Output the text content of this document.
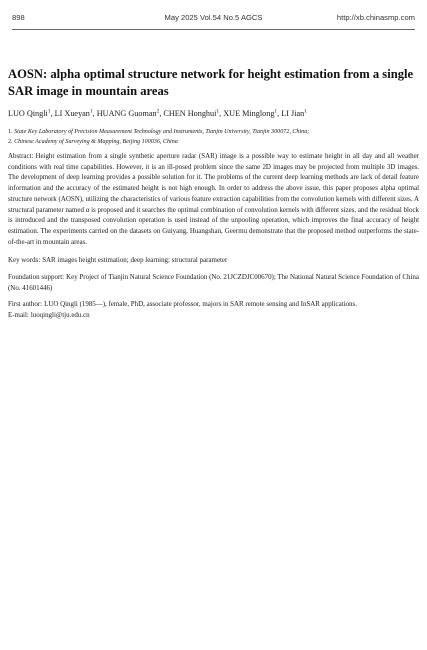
898	May 2025 Vol.54 No.5 AGCS	http://xb.chinasmp.com
AOSN: alpha optimal structure network for height estimation from a single SAR image in mountain areas

LUO Qingli$^1$, LI Xueyan$^1$, HUANG Guoman$^2$, CHEN Honghui$^1$, XUE Minglong$^1$, LI Jian$^1$

1. State Key Laboratory of Precision Measurement Technology and Instruments, Tianjin University, Tianjin 300072, China;

2. Chinese Academy of Surveying & Mapping, Beijing 100036, China

Abstract: Height estimation from a single synthetic aperture radar (SAR) image is a possible way to estimate height in all day and all weather conditions with real time capabilities. However, it is an ill-posed problem since the same 2D images may be projected from multiple 3D images. The development of deep learning provides a possible solution for it. The problems of the current deep learning methods are lack of detail feature information and the accuracy of the estimated height is not high enough. In order to address the above issue, this paper proposes alpha optimal structure network (AOSN), utilizing the characteristics of various feature extraction capabilities from the convolution kernels with different sizes. A structural parameter named α is proposed and it searches the optimal combination of convolution kernels with different sizes, and the residual block is introduced and the transposed convolution operation is used instead of the unpooling operation, which improves the final accuracy of height estimation. The experiments carried on the datasets on Guiyang, Huangshan, Geermu demonstrate that the proposed method outperforms the state-of-the-art in mountain areas.

Key words: SAR images height estimation; deep learning; structural parameter

Foundation support: Key Project of Tianjin Natural Science Foundation (No. 21JCZDJC00670); The National Natural Science Foundation of China (No. 41601446)

First author: LUO Qingli (1985—), female, PhD, associate professor, majors in SAR remote sensing and InSAR applications.

E-mail: luoqingli@tju.edu.cn
